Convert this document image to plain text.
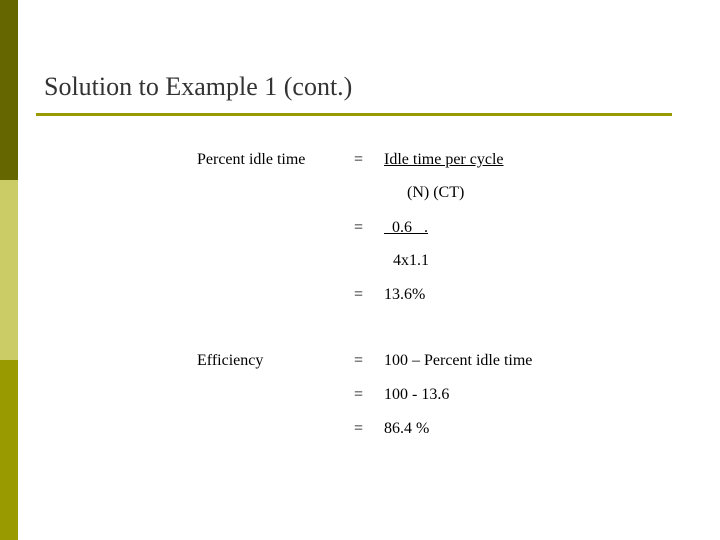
Solution to Example 1 (cont.)
Percent idle time	= Idle time per cycle
(N) (CT)
= 0.6   .
4x1.1
= 13.6%
Efficiency	= 100 – Percent idle time
= 100 - 13.6
= 86.4 %
